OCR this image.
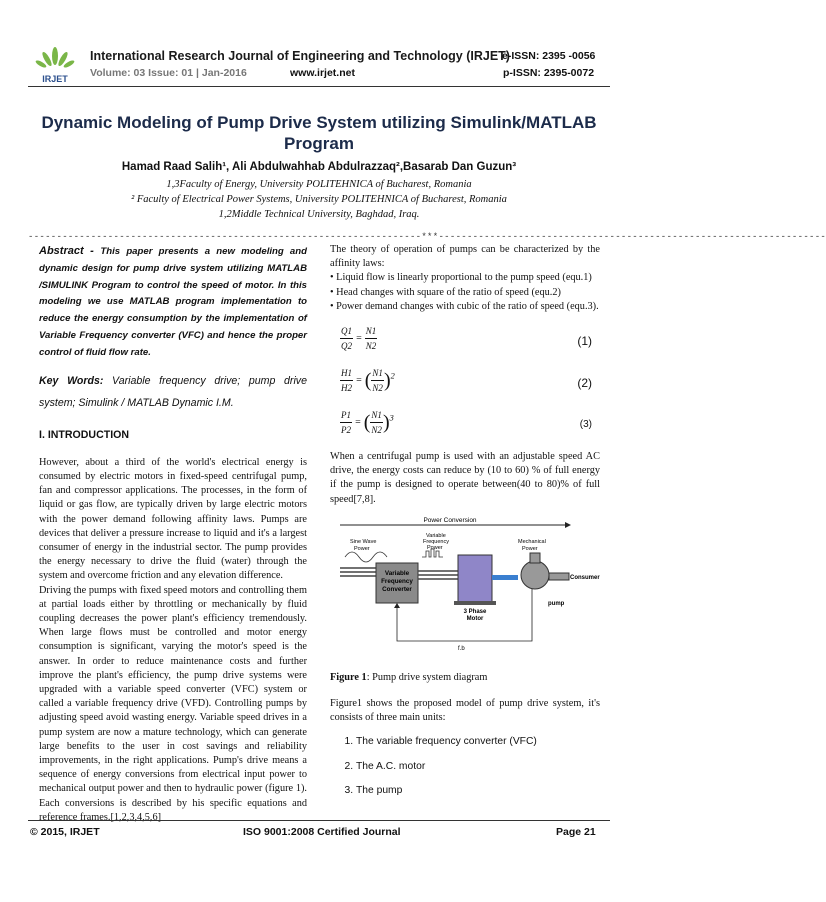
IRJET
International Research Journal of Engineering and Technology (IRJET)
e-ISSN: 2395 -0056
Volume: 03 Issue: 01 | Jan-2016	www.irjet.net	p-ISSN: 2395-0072
Dynamic Modeling of Pump Drive System utilizing Simulink/MATLAB Program
Hamad Raad Salih¹, Ali Abdulwahhab Abdulrazzaq²,Basarab Dan Guzun³
1,3Faculty of Energy, University POLITEHNICA of Bucharest, Romania
² Faculty of Electrical Power Systems, University POLITEHNICA of Bucharest, Romania
1,2Middle Technical University, Baghdad, Iraq.
---------------------------------------------------------------------***--------------------------------------------------------------------

Abstract - This paper presents a new modeling and dynamic design for pump drive system utilizing MATLAB /SIMULINK Program to control the speed of motor. In this modeling we use MATLAB program implementation to reduce the energy consumption by the implementation of Variable Frequency converter (VFC) and hence the proper control of fluid flow rate.

Key Words: Variable frequency drive; pump drive system; Simulink / MATLAB Dynamic I.M.

I. INTRODUCTION

However, about a third of the world's electrical energy is consumed by electric motors in fixed-speed centrifugal pump, fan and compressor applications. The processes, in the form of liquid or gas flow, are typically driven by large electric motors with the power demand following affinity laws. Pumps are devices that deliver a pressure increase to liquid and it's a largest consumer of energy in the industrial sector. The pump provides the energy necessary to drive the fluid (water) through the system and overcome friction and any elevation difference.

Driving the pumps with fixed speed motors and controlling them at partial loads either by throttling or mechanically by fluid coupling decreases the power plant's efficiency tremendously. When large flows must be controlled and motor energy consumption is significant, varying the motor's speed is the answer. In order to reduce maintenance costs and further improve the plant's efficiency, the pump drive systems were upgraded with a variable speed converter (VFC) system or called a variable frequency drive (VFD). Controlling pumps by adjusting speed avoid wasting energy. Variable speed drives in a pump system are now a mature technology, which can generate large benefits to the user in cost savings and reliability improvements, in the right applications. Pump's drive means a sequence of energy conversions from electrical input power to mechanical output power and then to hydraulic power (figure 1). Each conversions is described by his specific equations and reference frames.[1,2,3,4,5,6]

The theory of operation of pumps can be characterized by the affinity laws:

• Liquid flow is linearly proportional to the pump speed (equ.1)

• Head changes with square of the ratio of speed (equ.2)

• Power demand changes with cubic of the ratio of speed (equ.3).

$\frac{Q1}{Q2} = \frac{N1}{N2}$	(1)
$\frac{H1}{H2}$ = ( $\frac{N1}{N2} )^2$	(2)
$\frac{P1}{P2}$ = ( $\frac{N1}{N2} )^3$
(3)

When a centrifugal pump is used with an adjustable speed AC drive, the energy costs can reduce by (10 to 60) % of full energy if the pump is designed to operate between(40 to 80)% of full speed[7,8].

Power Conversion
Sine Wave
Power
Variable
Frequency
Power
Mechanical
Power
Variable
Frequency
Converter
3 Phase
Motor
pump
Consumer
f.b

Figure 1: Pump drive system diagram

Figure1 shows the proposed model of pump drive system, it's consists of three main units:

1. The variable frequency converter (VFC)
2. The A.C. motor
3. The pump
© 2015, IRJET	ISO 9001:2008 Certified Journal	Page 21
